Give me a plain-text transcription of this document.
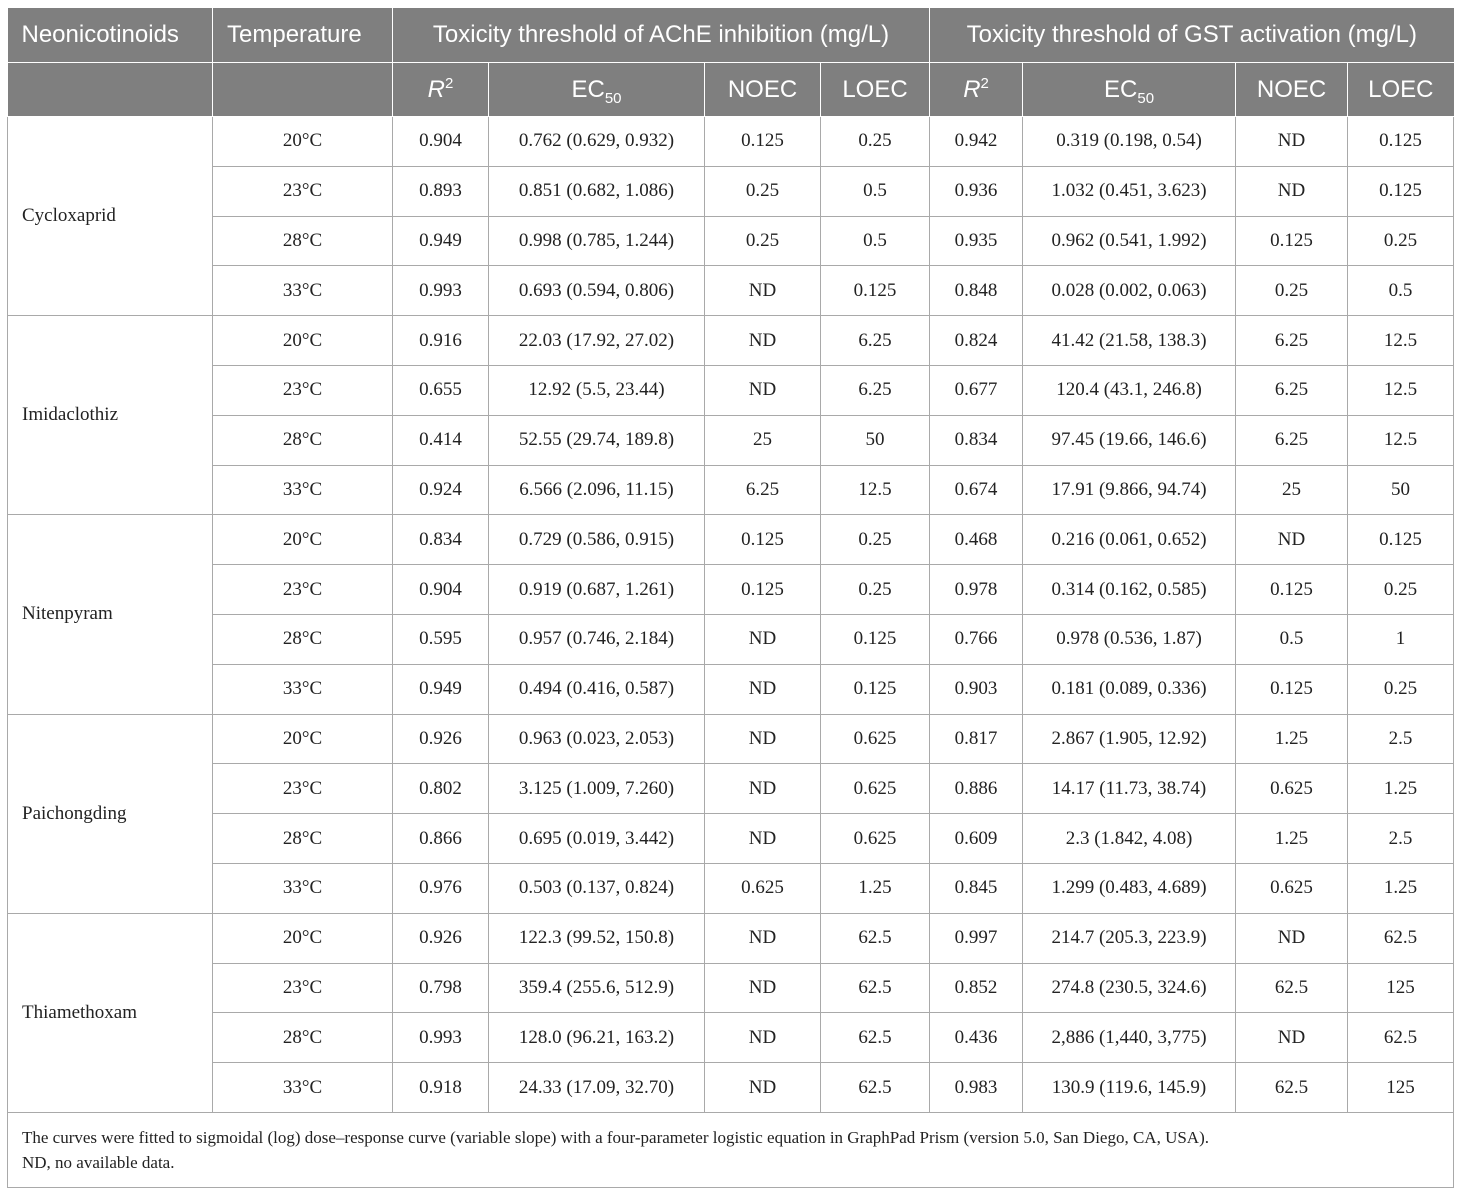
Neonicotinoids	Temperature	Toxicity threshold of AChE inhibition (mg/L)				Toxicity threshold of GST activation (mg/L)			
		$R^2$	$EC_{50}$	NOEC	LOEC	$R^2$	$EC_{50}$	NOEC	LOEC
Cycloxaprid	20°C	0.904	0.762 (0.629, 0.932)	0.125	0.25	0.942	0.319 (0.198, 0.54)	ND	0.125
	23°C	0.893	0.851 (0.682, 1.086)	0.25	0.5	0.936	1.032 (0.451, 3.623)	ND	0.125
	28°C	0.949	0.998 (0.785, 1.244)	0.25	0.5	0.935	0.962 (0.541, 1.992)	0.125	0.25
	33°C	0.993	0.693 (0.594, 0.806)	ND	0.125	0.848	0.028 (0.002, 0.063)	0.25	0.5
Imidaclothiz	20°C	0.916	22.03 (17.92, 27.02)	ND	6.25	0.824	41.42 (21.58, 138.3)	6.25	12.5
	23°C	0.655	12.92 (5.5, 23.44)	ND	6.25	0.677	120.4 (43.1, 246.8)	6.25	12.5
	28°C	0.414	52.55 (29.74, 189.8)	25	50	0.834	97.45 (19.66, 146.6)	6.25	12.5
	33°C	0.924	6.566 (2.096, 11.15)	6.25	12.5	0.674	17.91 (9.866, 94.74)	25	50
Nitenpyram	20°C	0.834	0.729 (0.586, 0.915)	0.125	0.25	0.468	0.216 (0.061, 0.652)	ND	0.125
	23°C	0.904	0.919 (0.687, 1.261)	0.125	0.25	0.978	0.314 (0.162, 0.585)	0.125	0.25
	28°C	0.595	0.957 (0.746, 2.184)	ND	0.125	0.766	0.978 (0.536, 1.87)	0.5	1
	33°C	0.949	0.494 (0.416, 0.587)	ND	0.125	0.903	0.181 (0.089, 0.336)	0.125	0.25
Paichongding	20°C	0.926	0.963 (0.023, 2.053)	ND	0.625	0.817	2.867 (1.905, 12.92)	1.25	2.5
	23°C	0.802	3.125 (1.009, 7.260)	ND	0.625	0.886	14.17 (11.73, 38.74)	0.625	1.25
	28°C	0.866	0.695 (0.019, 3.442)	ND	0.625	0.609	2.3 (1.842, 4.08)	1.25	2.5
	33°C	0.976	0.503 (0.137, 0.824)	0.625	1.25	0.845	1.299 (0.483, 4.689)	0.625	1.25
Thiamethoxam	20°C	0.926	122.3 (99.52, 150.8)	ND	62.5	0.997	214.7 (205.3, 223.9)	ND	62.5
	23°C	0.798	359.4 (255.6, 512.9)	ND	62.5	0.852	274.8 (230.5, 324.6)	62.5	125
	28°C	0.993	128.0 (96.21, 163.2)	ND	62.5	0.436	2,886 (1,440, 3,775)	ND	62.5
	33°C	0.918	24.33 (17.09, 32.70)	ND	62.5	0.983	130.9 (119.6, 145.9)	62.5	125

The curves were fitted to sigmoidal (log) dose–response curve (variable slope) with a four-parameter logistic equation in GraphPad Prism (version 5.0, San Diego, CA, USA).
ND, no available data.									
